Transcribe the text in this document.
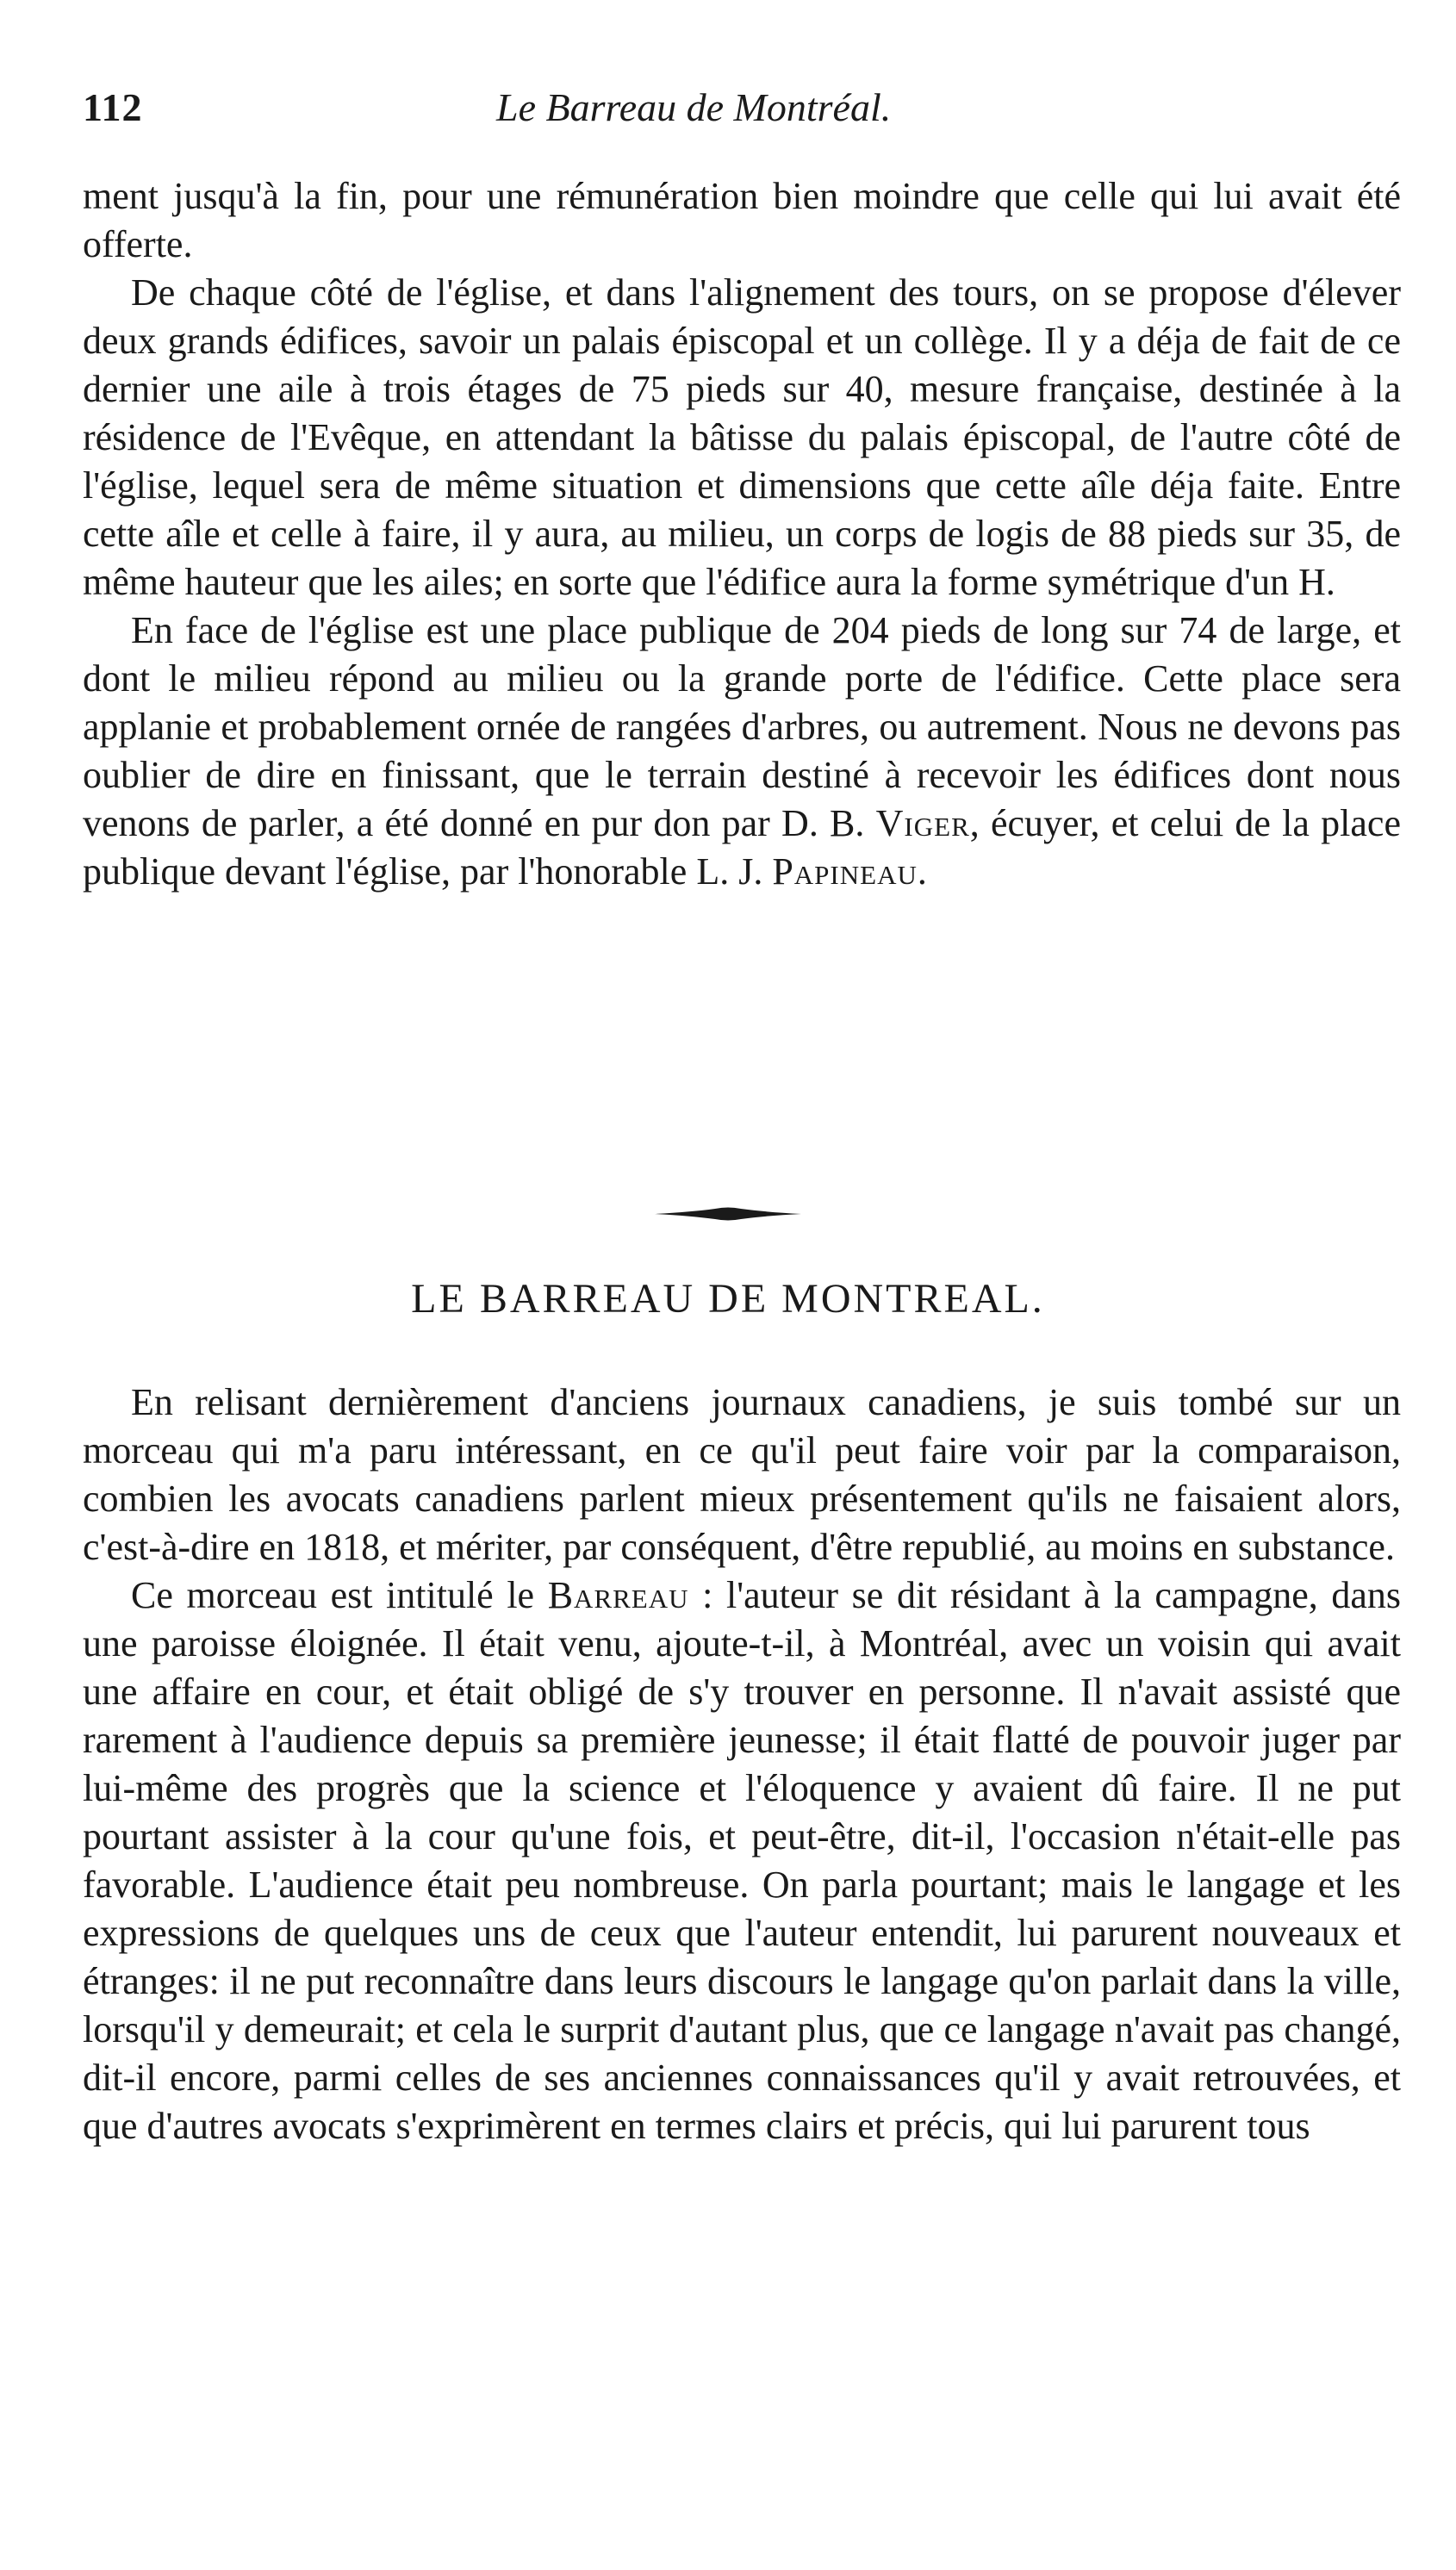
112	Le Barreau de Montréal.

ment jusqu'à la fin, pour une rémunération bien moindre que celle qui lui avait été offerte.

De chaque côté de l'église, et dans l'alignement des tours, on se propose d'élever deux grands édifices, savoir un palais épiscopal et un collège. Il y a déja de fait de ce dernier une aile à trois étages de 75 pieds sur 40, mesure française, destinée à la résidence de l'Evêque, en attendant la bâtisse du palais épiscopal, de l'autre côté de l'église, lequel sera de même situation et dimensions que cette aîle déja faite. Entre cette aîle et celle à faire, il y aura, au milieu, un corps de logis de 88 pieds sur 35, de même hauteur que les ailes; en sorte que l'édifice aura la forme symétrique d'un H.

En face de l'église est une place publique de 204 pieds de long sur 74 de large, et dont le milieu répond au milieu ou la grande porte de l'édifice. Cette place sera applanie et probablement ornée de rangées d'arbres, ou autrement. Nous ne devons pas oublier de dire en finissant, que le terrain destiné à recevoir les édifices dont nous venons de parler, a été donné en pur don par D. B. Viger, écuyer, et celui de la place publique devant l'église, par l'honorable L. J. Papineau.

LE BARREAU DE MONTREAL.

En relisant dernièrement d'anciens journaux canadiens, je suis tombé sur un morceau qui m'a paru intéressant, en ce qu'il peut faire voir par la comparaison, combien les avocats canadiens parlent mieux présentement qu'ils ne faisaient alors, c'est-à-dire en 1818, et mériter, par conséquent, d'être republié, au moins en substance.

Ce morceau est intitulé le Barreau : l'auteur se dit résidant à la campagne, dans une paroisse éloignée. Il était venu, ajoute-t-il, à Montréal, avec un voisin qui avait une affaire en cour, et était obligé de s'y trouver en personne. Il n'avait assisté que rarement à l'audience depuis sa première jeunesse; il était flatté de pouvoir juger par lui-même des progrès que la science et l'éloquence y avaient dû faire. Il ne put pourtant assister à la cour qu'une fois, et peut-être, dit-il, l'occasion n'était-elle pas favorable. L'audience était peu nombreuse. On parla pourtant; mais le langage et les expressions de quelques uns de ceux que l'auteur entendit, lui parurent nouveaux et étranges: il ne put reconnaître dans leurs discours le langage qu'on parlait dans la ville, lorsqu'il y demeurait; et cela le surprit d'autant plus, que ce langage n'avait pas changé, dit-il encore, parmi celles de ses anciennes connaissances qu'il y avait retrouvées, et que d'autres avocats s'exprimèrent en termes clairs et précis, qui lui parurent tous
